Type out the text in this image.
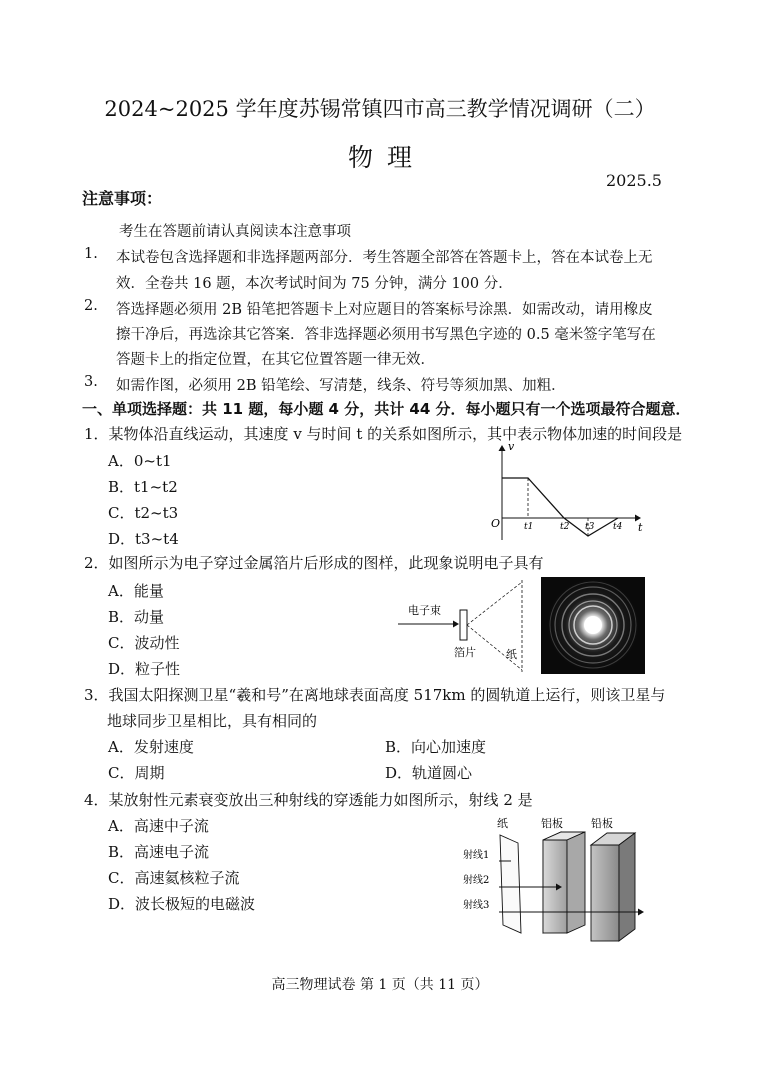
2024~2025 学年度苏锡常镇四市高三教学情况调研（二）
物理
2025.5
注意事项：
考生在答题前请认真阅读本注意事项
1. 本试卷包含选择题和非选择题两部分．考生答题全部答在答题卡上，答在本试卷上无
效．全卷共 16 题，本次考试时间为 75 分钟，满分 100 分．
2. 答选择题必须用 2B 铅笔把答题卡上对应题目的答案标号涂黑．如需改动，请用橡皮
擦干净后，再选涂其它答案．答非选择题必须用书写黑色字迹的 0.5 毫米签字笔写在
答题卡上的指定位置，在其它位置答题一律无效．
3. 如需作图，必须用 2B 铅笔绘、写清楚，线条、符号等须加黑、加粗．
一、单项选择题：共 11 题，每小题 4 分，共计 44 分．每小题只有一个选项最符合题意．
1．某物体沿直线运动，其速度 v 与时间 t 的关系如图所示，其中表示物体加速的时间段是
A．0~t1
B．t1~t2
C．t2~t3
D．t3~t4
v
t
O	t1	t2 t3 t4
2．如图所示为电子穿过金属箔片后形成的图样，此现象说明电子具有
A．能量
B．动量
C．波动性
D．粒子性
电子束
箔片	纸
3．我国太阳探测卫星“羲和号”在离地球表面高度 517km 的圆轨道上运行，则该卫星与
地球同步卫星相比，具有相同的
A．发射速度	B．向心加速度
C．周期	D．轨道圆心
4．某放射性元素衰变放出三种射线的穿透能力如图所示，射线 2 是
A．高速中子流
B．高速电子流
C．高速氦核粒子流
D．波长极短的电磁波
纸	铝板	铅板
射线1
射线2
射线3
高三物理试卷 第 1 页（共 11 页）
